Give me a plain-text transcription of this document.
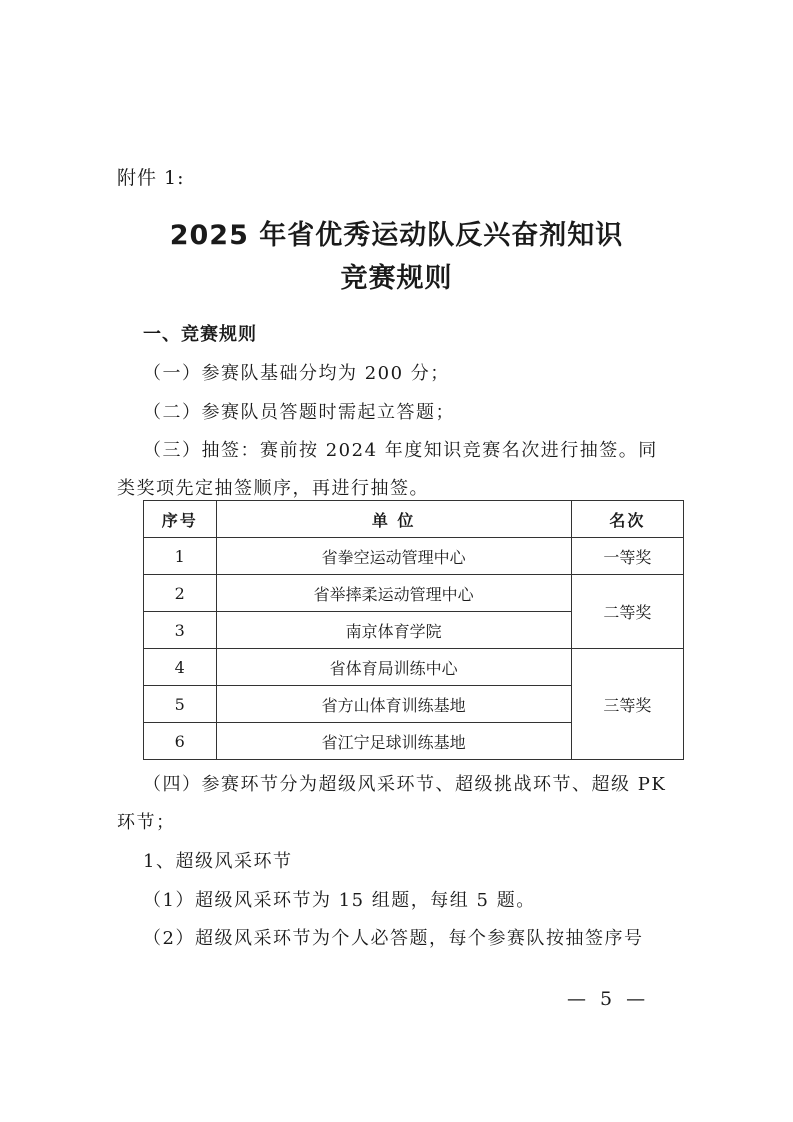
附件 1:
2025 年省优秀运动队反兴奋剂知识
竞赛规则
一、竞赛规则
（一）参赛队基础分均为 200 分；
（二）参赛队员答题时需起立答题；
（三）抽签：赛前按 2024 年度知识竞赛名次进行抽签。同
类奖项先定抽签顺序，再进行抽签。
序号	单 位	名次
1	省拳空运动管理中心	一等奖
2	省举摔柔运动管理中心	二等奖
3	南京体育学院	
4	省体育局训练中心	三等奖
5	省方山体育训练基地	
6	省江宁足球训练基地	
（四）参赛环节分为超级风采环节、超级挑战环节、超级 PK
环节；
1、超级风采环节
（1）超级风采环节为 15 组题，每组 5 题。
（2）超级风采环节为个人必答题，每个参赛队按抽签序号
— 5 —
